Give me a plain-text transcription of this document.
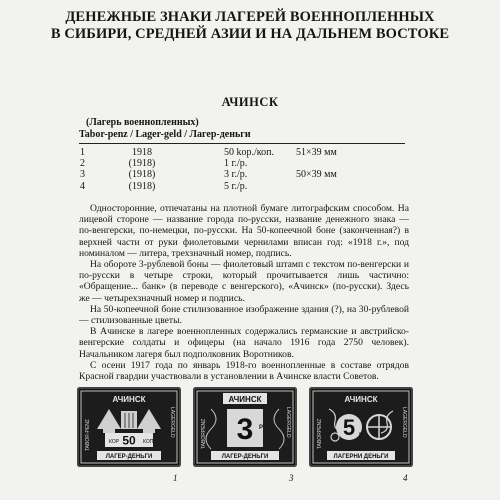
ДЕНЕЖНЫЕ ЗНАКИ ЛАГЕРЕЙ ВОЕННОПЛЕННЫХ
В СИБИРИ, СРЕДНЕЙ АЗИИ И НА ДАЛЬНЕМ ВОСТОКЕ
АЧИНСК
(Лагерь военнопленных)
Tabor-penz / Lager-geld / Лагер-деньги
1	1918	50 kop./коп. 51×39 мм
2	(1918)	1 г./р.
3	(1918)	3 г./р.	50×39 мм
4	(1918)	5 г./р.

Односторонние, отпечатаны на плотной бумаге литографским способом. На лицевой стороне — название города по-русски, название денежного знака — по-венгерски, по-немецки, по-русски. На 50-копеечной боне (законченная?) в верхней части от руки фиолетовыми чернилами вписан год: «1918 г.», под номиналом — литера, трехзначный номер, подпись.

На обороте 3-рублевой боны — фиолетовый штамп с текстом по-венгерски и по-русски в четыре строки, который прочитывается лишь частично: «Обращение... банк» (в переводе с венгерского), «Ачинск» (по-русски). Здесь же — четырехзначный номер и подпись.

На 50-копеечной боне стилизованное изображение здания (?), на 30-рублевой — стилизованные цветы.

В Ачинске в лагере военнопленных содержались германские и австрийско-венгерские солдаты и офицеры (на начало 1916 года 2750 человек). Начальником лагеря был подполковник Воротников.

С осени 1917 года по январь 1918-го военнопленные в составе отрядов Красной гвардии участвовали в установлении в Ачинске власти Советов.

АЧИНСК
50
КОР	КОП
TABOR-PENZ	LAGERGELD
ЛАГЕР-ДЕНЬГИ
АЧИНСК
3 Р
TABORPENZ	LAGERGELD
ЛАГЕР-ДЕНЬГИ
АЧИНСК
5 Р
TABORPENZ	LAGERGELD
ЛАГЕРНИ ДЕНЬГИ
1	3	4
